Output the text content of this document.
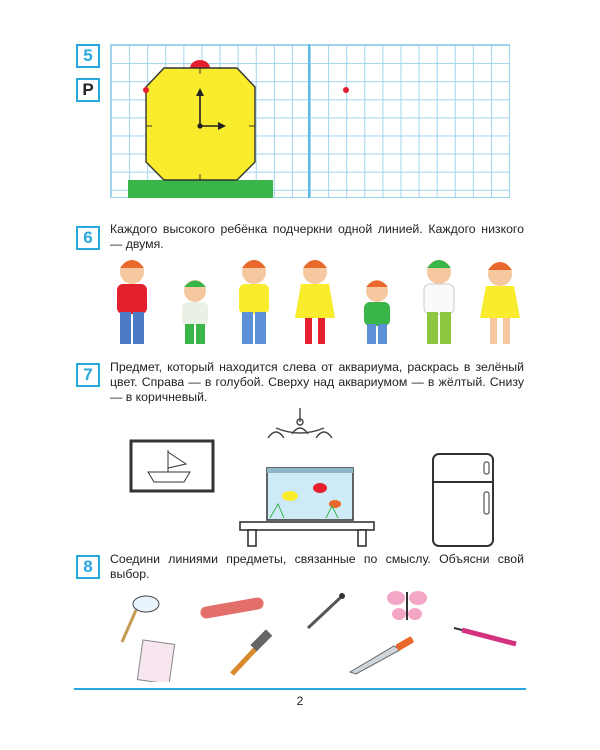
5
Р
6	Каждого высокого ребёнка подчеркни одной линией. Каждого низкого — двумя.
7	Предмет, который находится слева от аквариума, раскрась в зелёный цвет. Справа — в голубой. Сверху над аквариумом — в жёлтый. Снизу — в коричневый.
8	Соедини линиями предметы, связанные по смыслу. Объясни свой выбор.
2
